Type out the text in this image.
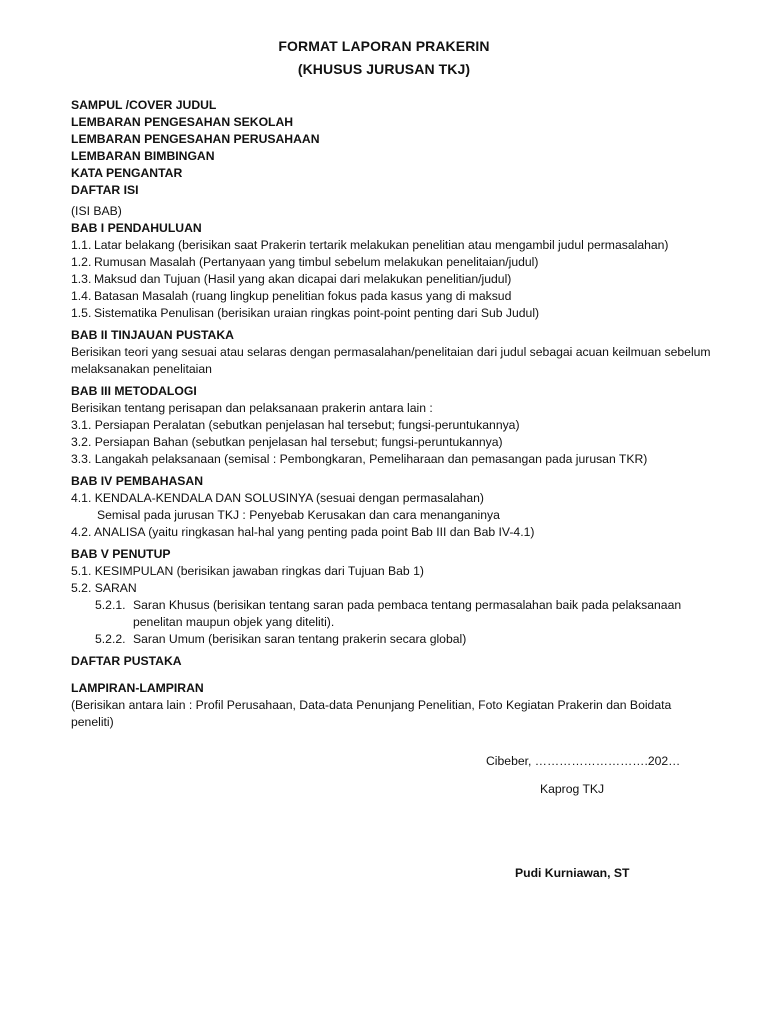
FORMAT LAPORAN PRAKERIN
(KHUSUS JURUSAN TKJ)
SAMPUL /COVER JUDUL
LEMBARAN PENGESAHAN SEKOLAH
LEMBARAN PENGESAHAN PERUSAHAAN
LEMBARAN BIMBINGAN
KATA PENGANTAR
DAFTAR ISI
(ISI BAB)
BAB I PENDAHULUAN
1.1. Latar belakang (berisikan saat Prakerin tertarik melakukan penelitian atau mengambil judul permasalahan)
1.2. Rumusan Masalah (Pertanyaan yang timbul sebelum melakukan penelitaian/judul)
1.3. Maksud dan Tujuan (Hasil yang akan dicapai dari melakukan penelitian/judul)
1.4. Batasan Masalah (ruang lingkup penelitian fokus pada kasus yang di maksud
1.5. Sistematika Penulisan (berisikan uraian ringkas point-point penting dari Sub Judul)
BAB II TINJAUAN PUSTAKA
Berisikan teori yang sesuai atau selaras dengan permasalahan/penelitaian dari judul sebagai acuan keilmuan sebelum melaksanakan penelitaian
BAB III METODALOGI
Berisikan tentang perisapan dan pelaksanaan prakerin antara lain :
3.1. Persiapan Peralatan (sebutkan penjelasan hal tersebut; fungsi-peruntukannya)
3.2. Persiapan Bahan (sebutkan penjelasan hal tersebut; fungsi-peruntukannya)
3.3. Langakah pelaksanaan (semisal : Pembongkaran, Pemeliharaan dan pemasangan pada jurusan TKR)
BAB IV PEMBAHASAN
4.1. KENDALA-KENDALA DAN SOLUSINYA (sesuai dengan permasalahan)
Semisal pada jurusan TKJ : Penyebab Kerusakan dan cara menanganinya
4.2. ANALISA (yaitu ringkasan hal-hal yang penting pada point Bab III dan Bab IV-4.1)
BAB V PENUTUP
5.1. KESIMPULAN (berisikan jawaban ringkas dari Tujuan Bab 1)
5.2. SARAN
5.2.1. Saran Khusus (berisikan tentang saran pada pembaca tentang permasalahan baik pada pelaksanaan penelitan maupun objek yang diteliti).
5.2.2. Saran Umum (berisikan saran tentang prakerin secara global)
DAFTAR PUSTAKA
LAMPIRAN-LAMPIRAN
(Berisikan antara lain : Profil Perusahaan, Data-data Penunjang Penelitian, Foto Kegiatan Prakerin dan Boidata peneliti)
Cibeber, ……………………….202…
Kaprog TKJ
Pudi Kurniawan, ST
